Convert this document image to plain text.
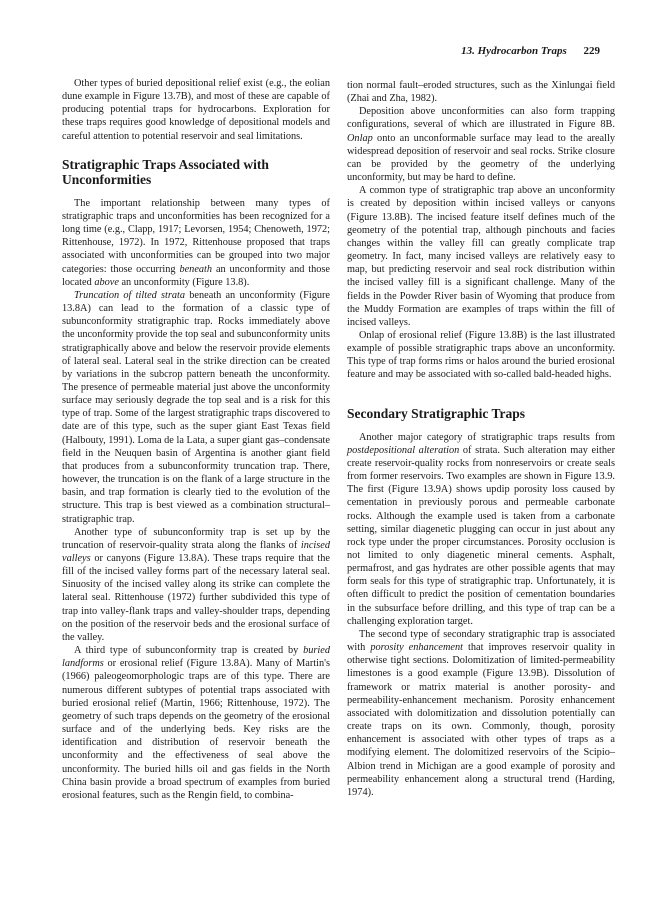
13. Hydrocarbon Traps 229

Other types of buried depositional relief exist (e.g., the eolian dune example in Figure 13.7B), and most of these are capable of producing potential traps for hydrocarbons. Exploration for these traps requires good knowledge of depositional models and careful attention to potential reservoir and seal limitations.

Stratigraphic Traps Associated with Unconformities

The important relationship between many types of stratigraphic traps and unconformities has been recognized for a long time (e.g., Clapp, 1917; Levorsen, 1954; Chenoweth, 1972; Rittenhouse, 1972). In 1972, Rittenhouse proposed that traps associated with unconformities can be grouped into two major categories: those occurring beneath an unconformity and those located above an unconformity (Figure 13.8).

Truncation of tilted strata beneath an unconformity (Figure 13.8A) can lead to the formation of a classic type of subunconformity stratigraphic trap. Rocks immediately above the unconformity provide the top seal and subunconformity units stratigraphically above and below the reservoir provide elements of lateral seal. Lateral seal in the strike direction can be created by variations in the subcrop pattern beneath the unconformity. The presence of permeable material just above the unconformity surface may seriously degrade the top seal and is a risk for this type of trap. Some of the largest stratigraphic traps discovered to date are of this type, such as the super giant East Texas field (Halbouty, 1991). Loma de la Lata, a super giant gas–condensate field in the Neuquen basin of Argentina is another giant field that produces from a subunconformity truncation trap. There, however, the truncation is on the flank of a large structure in the basin, and trap formation is clearly tied to the evolution of the structure. This trap is best viewed as a combination structural–stratigraphic trap.

Another type of subunconformity trap is set up by the truncation of reservoir-quality strata along the flanks of incised valleys or canyons (Figure 13.8A). These traps require that the fill of the incised valley forms part of the necessary lateral seal. Sinuosity of the incised valley along its strike can complete the lateral seal. Rittenhouse (1972) further subdivided this type of trap into valley-flank traps and valley-shoulder traps, depending on the position of the reservoir beds and the erosional surface of the valley.

A third type of subunconformity trap is created by buried landforms or erosional relief (Figure 13.8A). Many of Martin's (1966) paleogeomorphologic traps are of this type. There are numerous different subtypes of potential traps associated with buried erosional relief (Martin, 1966; Rittenhouse, 1972). The geometry of such traps depends on the geometry of the erosional surface and of the underlying beds. Key risks are the identification and distribution of reservoir beneath the unconformity and the effectiveness of seal above the unconformity. The buried hills oil and gas fields in the North China basin provide a broad spectrum of examples from buried erosional features, such as the Rengin field, to combina-

tion normal fault–eroded structures, such as the Xinlungai field (Zhai and Zha, 1982).

Deposition above unconformities can also form trapping configurations, several of which are illustrated in Figure 8B. Onlap onto an unconformable surface may lead to the areally widespread deposition of reservoir and seal rocks. Strike closure can be provided by the geometry of the underlying unconformity, but may be hard to define.

A common type of stratigraphic trap above an unconformity is created by deposition within incised valleys or canyons (Figure 13.8B). The incised feature itself defines much of the geometry of the potential trap, although pinchouts and facies changes within the valley fill can greatly complicate trap geometry. In fact, many incised valleys are relatively easy to map, but predicting reservoir and seal rock distribution within the incised valley fill is a significant challenge. Many of the fields in the Powder River basin of Wyoming that produce from the Muddy Formation are examples of traps within the fill of incised valleys.

Onlap of erosional relief (Figure 13.8B) is the last illustrated example of possible stratigraphic traps above an unconformity. This type of trap forms rims or halos around the buried erosional feature and may be associated with so-called bald-headed highs.

Secondary Stratigraphic Traps

Another major category of stratigraphic traps results from postdepositional alteration of strata. Such alteration may either create reservoir-quality rocks from nonreservoirs or create seals from former reservoirs. Two examples are shown in Figure 13.9. The first (Figure 13.9A) shows updip porosity loss caused by cementation in previously porous and permeable carbonate rocks. Although the example used is taken from a carbonate setting, similar diagenetic plugging can occur in just about any rock type under the proper circumstances. Porosity occlusion is not limited to only diagenetic mineral cements. Asphalt, permafrost, and gas hydrates are other possible agents that may form seals for this type of stratigraphic trap. Unfortunately, it is often difficult to predict the position of cementation boundaries in the subsurface before drilling, and this type of trap can be a challenging exploration target.

The second type of secondary stratigraphic trap is associated with porosity enhancement that improves reservoir quality in otherwise tight sections. Dolomitization of limited-permeability limestones is a good example (Figure 13.9B). Dissolution of framework or matrix material is another porosity- and permeability-enhancement mechanism. Porosity enhancement associated with dolomitization and dissolution potentially can create traps on its own. Commonly, though, porosity enhancement is associated with other types of traps as a modifying element. The dolomitized reservoirs of the Scipio–Albion trend in Michigan are a good example of porosity and permeability enhancement along a structural trend (Harding, 1974).
